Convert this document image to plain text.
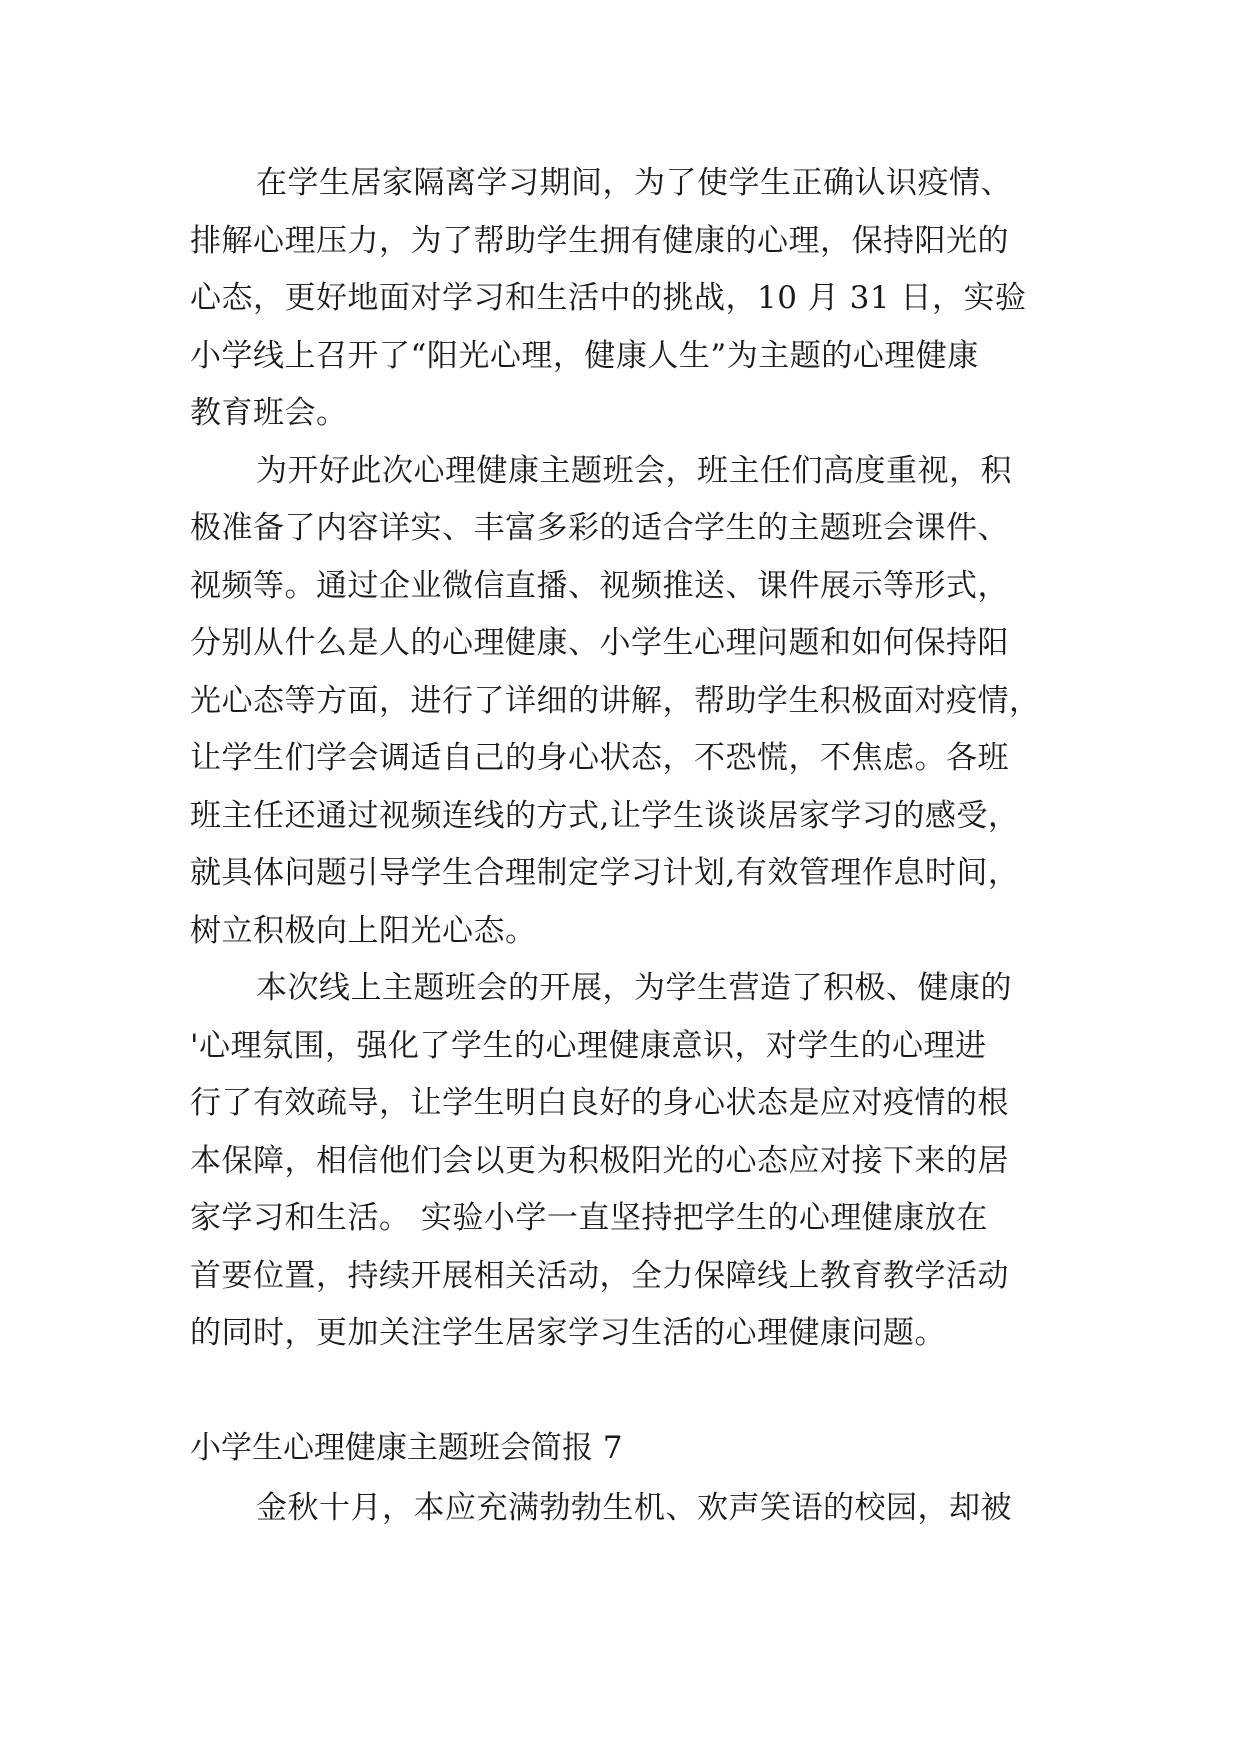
在学生居家隔离学习期间，为了使学生正确认识疫情、
排解心理压力，为了帮助学生拥有健康的心理，保持阳光的
心态，更好地面对学习和生活中的挑战，10 月 31 日，实验
小学线上召开了“阳光心理，健康人生”为主题的心理健康
教育班会。

为开好此次心理健康主题班会，班主任们高度重视，积
极准备了内容详实、丰富多彩的适合学生的主题班会课件、
视频等。通过企业微信直播、视频推送、课件展示等形式，
分别从什么是人的心理健康、小学生心理问题和如何保持阳
光心态等方面，进行了详细的讲解，帮助学生积极面对疫情，
让学生们学会调适自己的身心状态，不恐慌，不焦虑。各班
班主任还通过视频连线的方式,让学生谈谈居家学习的感受，
就具体问题引导学生合理制定学习计划,有效管理作息时间，
树立积极向上阳光心态。

本次线上主题班会的开展，为学生营造了积极、健康的
'心理氛围，强化了学生的心理健康意识，对学生的心理进
行了有效疏导，让学生明白良好的身心状态是应对疫情的根
本保障，相信他们会以更为积极阳光的心态应对接下来的居
家学习和生活。 实验小学一直坚持把学生的心理健康放在
首要位置，持续开展相关活动，全力保障线上教育教学活动
的同时，更加关注学生居家学习生活的心理健康问题。

小学生心理健康主题班会简报 7

金秋十月，本应充满勃勃生机、欢声笑语的校园，却被
